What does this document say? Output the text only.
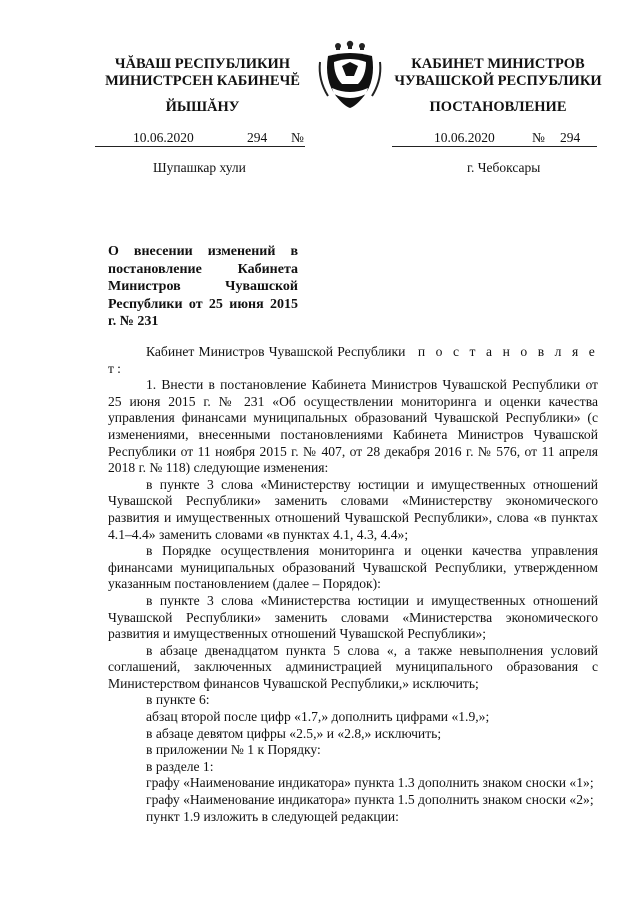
ЧĂВАШ РЕСПУБЛИКИН
МИНИСТРСЕН КАБИНЕЧĔ
ЙЫШĂНУ
КАБИНЕТ МИНИСТРОВ
ЧУВАШСКОЙ РЕСПУБЛИКИ
ПОСТАНОВЛЕНИЕ
10.06.2020	294 №	10.06.2020	№ 294
Шупашкар хули	г. Чебоксары
О внесении изменений в постановление Кабинета Министров Чувашской Республики от 25 июня 2015 г. № 231

Кабинет Министров Чувашской Республики п о с т а н о в л я е т:

1. Внести в постановление Кабинета Министров Чувашской Республики от 25 июня 2015 г. № 231 «Об осуществлении мониторинга и оценки качества управления финансами муниципальных образований Чувашской Республики» (с изменениями, внесенными постановлениями Кабинета Министров Чувашской Республики от 11 ноября 2015 г. № 407, от 28 декабря 2016 г. № 576, от 11 апреля 2018 г. № 118) следующие изменения:

в пункте 3 слова «Министерству юстиции и имущественных отношений Чувашской Республики» заменить словами «Министерству экономического развития и имущественных отношений Чувашской Республики», слова «в пунктах 4.1–4.4» заменить словами «в пунктах 4.1, 4.3, 4.4»;

в Порядке осуществления мониторинга и оценки качества управления финансами муниципальных образований Чувашской Республики, утвержденном указанным постановлением (далее – Порядок):

в пункте 3 слова «Министерства юстиции и имущественных отношений Чувашской Республики» заменить словами «Министерства экономического развития и имущественных отношений Чувашской Республики»;

в абзаце двенадцатом пункта 5 слова «, а также невыполнения условий соглашений, заключенных администрацией муниципального образования с Министерством финансов Чувашской Республики,» исключить;

в пункте 6:

абзац второй после цифр «1.7,» дополнить цифрами «1.9,»;

в абзаце девятом цифры «2.5,» и «2.8,» исключить;

в приложении № 1 к Порядку:

в разделе 1:

графу «Наименование индикатора» пункта 1.3 дополнить знаком сноски «1»;

графу «Наименование индикатора» пункта 1.5 дополнить знаком сноски «2»;

пункт 1.9 изложить в следующей редакции:
